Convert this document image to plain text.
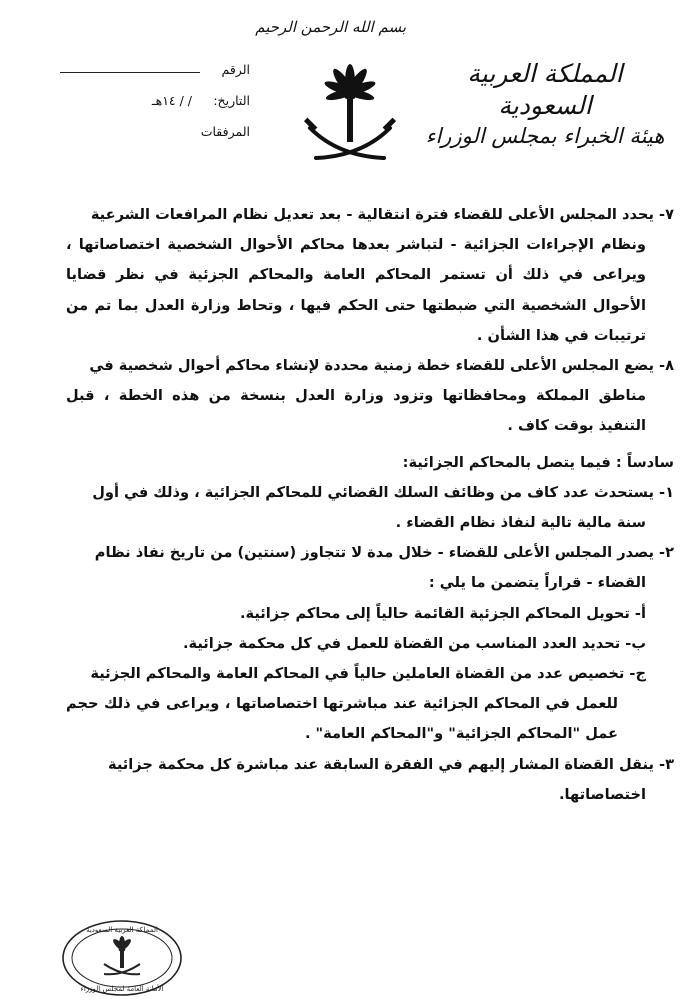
بسم الله الرحمن الرحيم
المملكة العربية السعودية
هيئة الخبراء بمجلس الوزراء
الرقم
التاريخ:
/ / ١٤هـ
المرفقات

٧- يحدد المجلس الأعلى للقضاء فترة انتقالية - بعد تعديل نظام المرافعات الشرعية

ونظام الإجراءات الجزائية - لتباشر بعدها محاكم الأحوال الشخصية اختصاصاتها ، ويراعى في ذلك أن تستمر المحاكم العامة والمحاكم الجزئية في نظر قضايا الأحوال الشخصية التي ضبطتها حتى الحكم فيها ، وتحاط وزارة العدل بما تم من ترتيبات في هذا الشأن .

٨- يضع المجلس الأعلى للقضاء خطة زمنية محددة لإنشاء محاكم أحوال شخصية في

مناطق المملكة ومحافظاتها وتزود وزارة العدل بنسخة من هذه الخطة ، قبل التنفيذ بوقت كاف .

سادساً : فيما يتصل بالمحاكم الجزائية:

١- يستحدث عدد كاف من وظائف السلك القضائي للمحاكم الجزائية ، وذلك في أول

سنة مالية تالية لنفاذ نظام القضاء .

٢- يصدر المجلس الأعلى للقضاء - خلال مدة لا تتجاوز (سنتين) من تاريخ نفاذ نظام

القضاء - قراراً يتضمن ما يلي :

أ- تحويل المحاكم الجزئية القائمة حالياً إلى محاكم جزائية.

ب- تحديد العدد المناسب من القضاة للعمل في كل محكمة جزائية.

ج- تخصيص عدد من القضاة العاملين حالياً في المحاكم العامة والمحاكم الجزئية

للعمل في المحاكم الجزائية عند مباشرتها اختصاصاتها ، ويراعى في ذلك حجم عمل "المحاكم الجزائية" و"المحاكم العامة" .

٣- ينقل القضاة المشار إليهم في الفقرة السابقة عند مباشرة كل محكمة جزائية

اختصاصاتها.

المملكة العربية السعودية
الأمانة العامة لمجلس الوزراء
